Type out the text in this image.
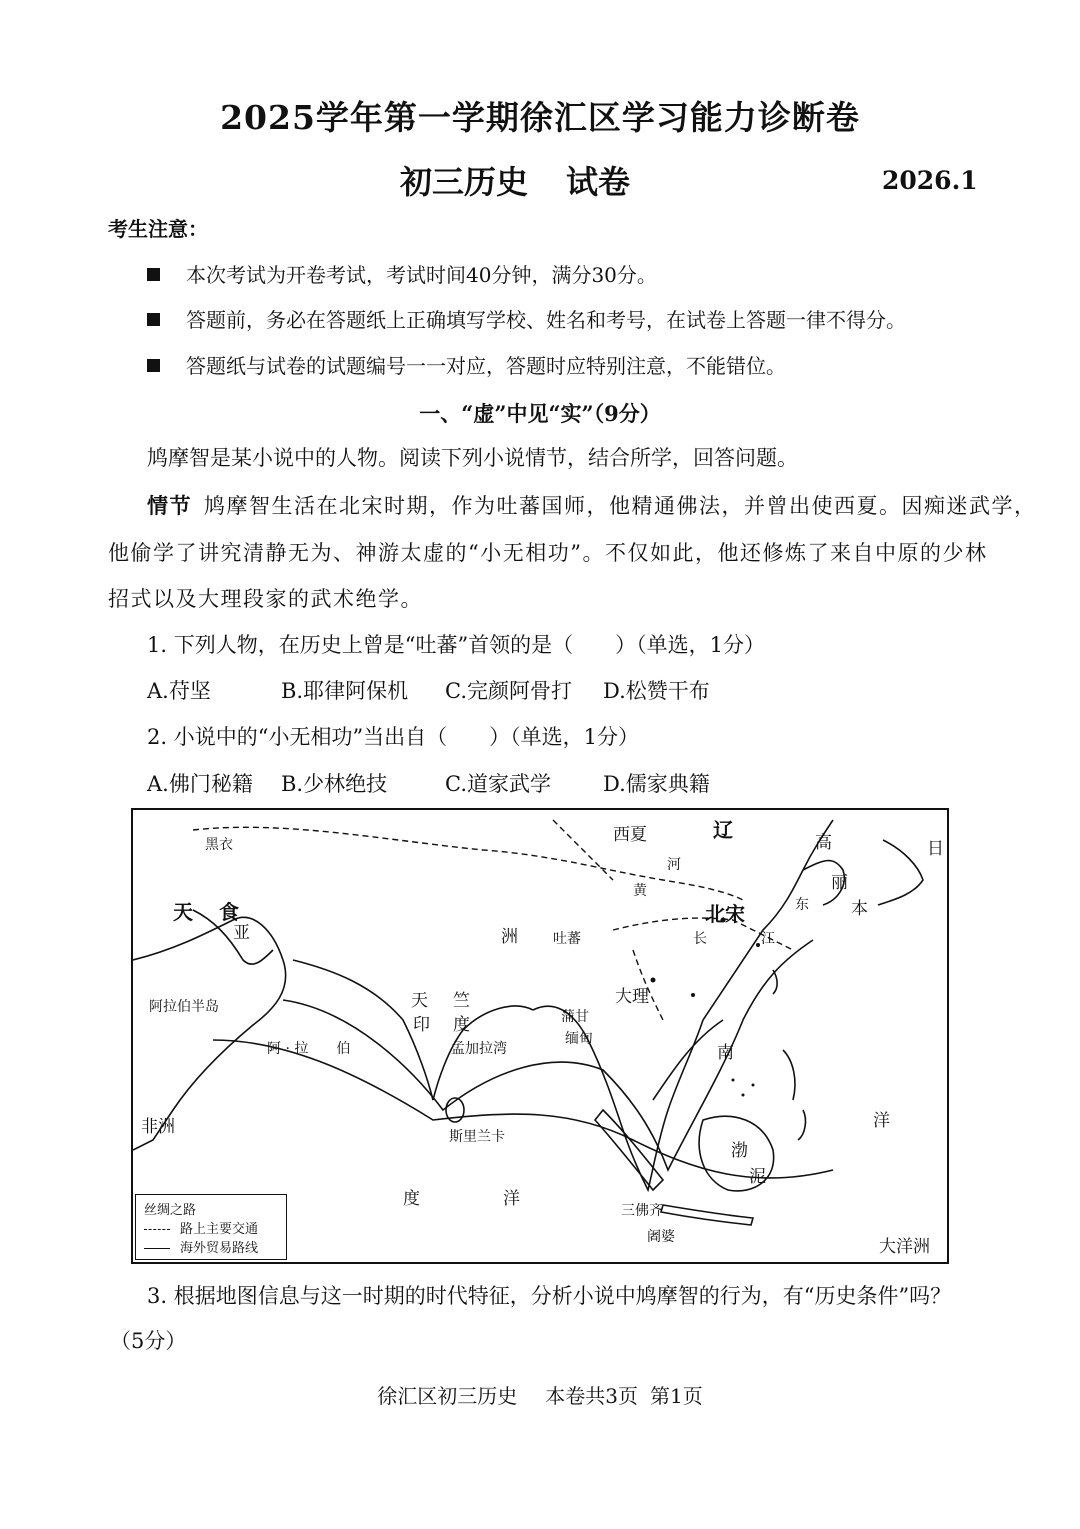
2025学年第一学期徐汇区学习能力诊断卷
初三历史 试卷	2026.1
考生注意：
本次考试为开卷考试，考试时间40分钟，满分30分。
答题前，务必在答题纸上正确填写学校、姓名和考号，在试卷上答题一律不得分。
答题纸与试卷的试题编号一一对应，答题时应特别注意，不能错位。
一、“虚”中见“实”（9分）
鸠摩智是某小说中的人物。阅读下列小说情节，结合所学，回答问题。
情节 鸠摩智生活在北宋时期，作为吐蕃国师，他精通佛法，并曾出使西夏。因痴迷武学，
他偷学了讲究清静无为、神游太虚的“小无相功”。不仅如此，他还修炼了来自中原的少林
招式以及大理段家的武术绝学。
1. 下列人物，在历史上曾是“吐蕃”首领的是（　　）（单选，1分）
A.苻坚	B.耶律阿保机 C.完颜阿骨打 D.松赞干布
2. 小说中的“小无相功”当出自（　　）（单选，1分）
A.佛门秘籍 B.少林绝技	C.道家武学 D.儒家典籍
西夏	辽
高
丽
日
本
黑衣
天 食
亚	洲	吐蕃
北宋
河
黄
长	江
东
大理
天 竺
印 度
阿拉伯半岛
阿 · 拉　　伯	孟加拉湾
蒲甘
缅甸
斯里兰卡
非洲
度	洋
南
洋
渤
泥
三佛齐
阇婆	大洋洲
丝绸之路
路上主要交通
海外贸易路线
3. 根据地图信息与这一时期的时代特征，分析小说中鸠摩智的行为，有“历史条件”吗？
（5分）
徐汇区初三历史 本卷共3页 第1页
